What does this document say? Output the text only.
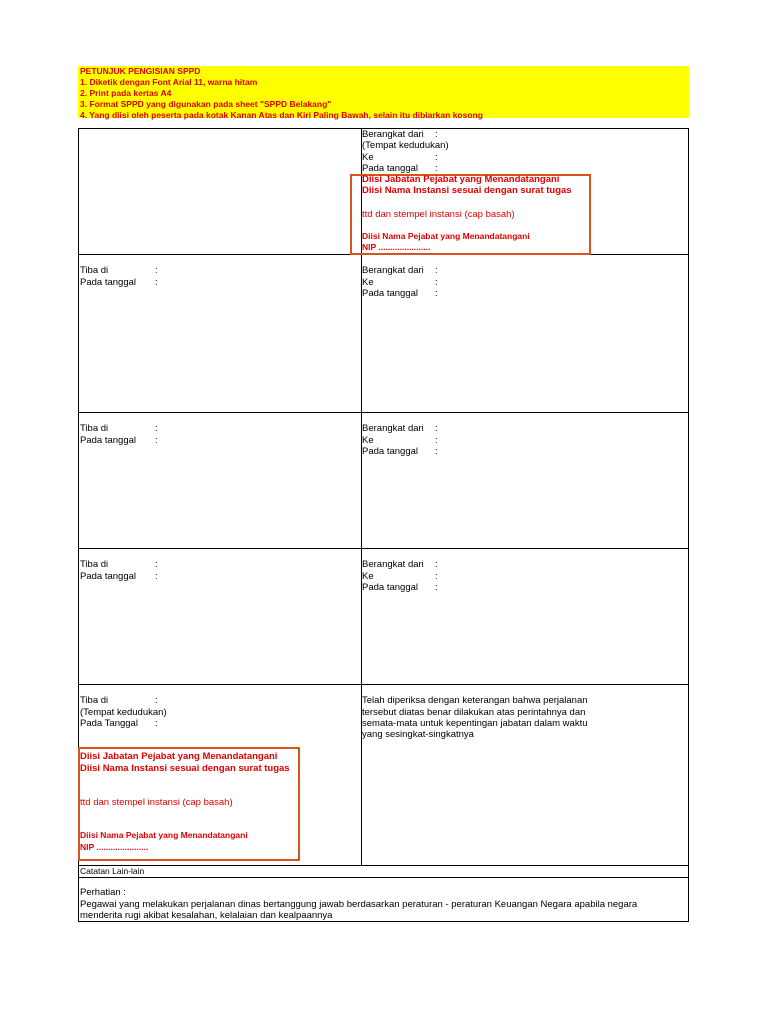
PETUNJUK PENGISIAN SPPD
1. Diketik dengan Font Arial 11, warna hitam
2. Print pada kertas A4
3. Format SPPD yang digunakan pada sheet "SPPD Belakang"
4. Yang diisi oleh peserta pada kotak Kanan Atas dan Kiri Paling Bawah, selain itu dibiarkan kosong
Berangkat dari :
(Tempat kedudukan)
Ke	:
Pada tanggal :
Diisi Jabatan Pejabat yang Menandatangani
Diisi Nama Instansi sesuai dengan surat tugas
ttd dan stempel instansi (cap basah)
Diisi Nama Pejabat yang Menandatangani
NIP ......................
Tiba di	:
Pada tanggal :
Berangkat dari :
Ke	:
Pada tanggal :
Tiba di	:
Pada tanggal :
Berangkat dari :
Ke	:
Pada tanggal :
Tiba di	:
Pada tanggal :
Berangkat dari :
Ke	:
Pada tanggal :
Tiba di	:
(Tempat kedudukan)
Pada Tanggal :
Diisi Jabatan Pejabat yang Menandatangani
Diisi Nama Instansi sesuai dengan surat tugas
ttd dan stempel instansi (cap basah)
Diisi Nama Pejabat yang Menandatangani
NIP ......................
Telah diperiksa dengan keterangan bahwa perjalanan
tersebut diatas benar dilakukan atas perintahnya dan
semata-mata untuk kepentingan jabatan dalam waktu
yang sesingkat-singkatnya
Catatan Lain-lain
Perhatian :
Pegawai yang melakukan perjalanan dinas bertanggung jawab berdasarkan peraturan - peraturan Keuangan Negara apabila negara
menderita rugi akibat kesalahan, kelalaian dan kealpaannya
